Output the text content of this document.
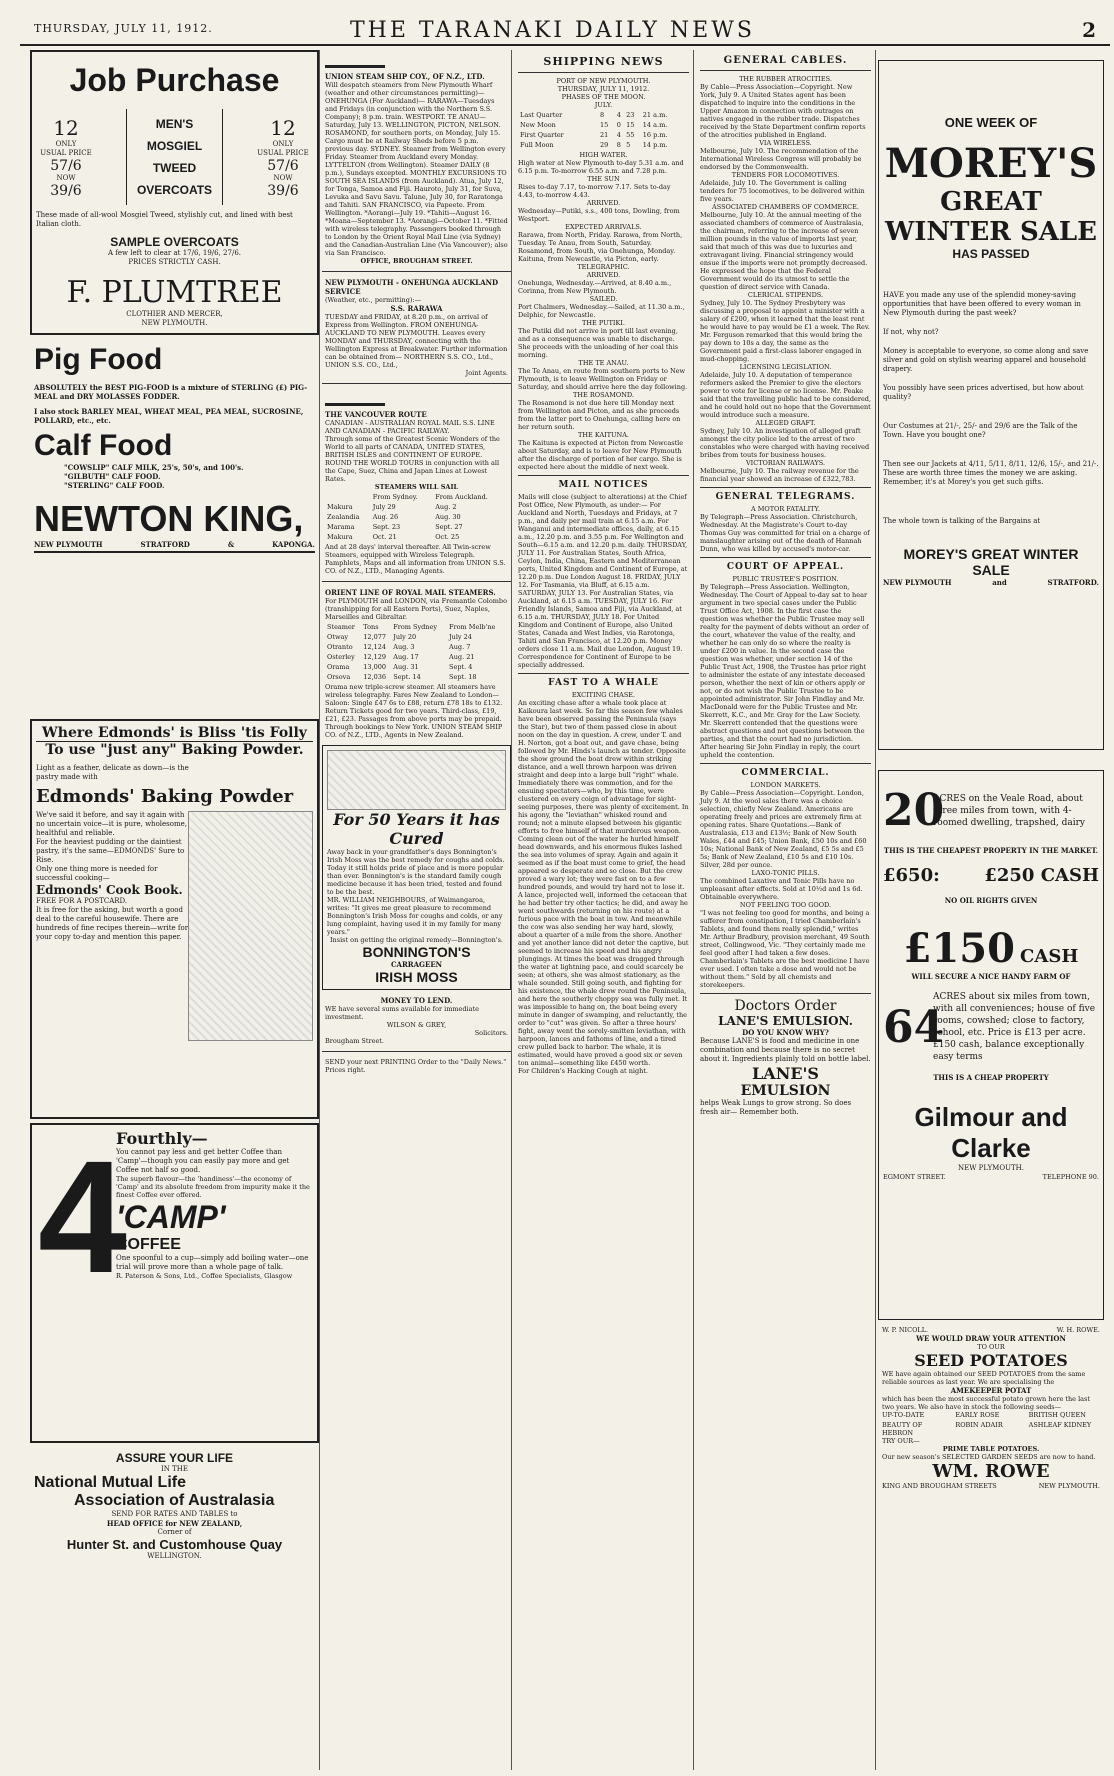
THURSDAY, JULY 11, 1912.	THE TARANAKI DAILY NEWS	2
Job Purchase
12
ONLY
USUAL PRICE
57/6
NOW
39/6
MEN'S
MOSGIEL
TWEED
OVERCOATS
12
ONLY
USUAL PRICE
57/6
NOW
39/6
These made of all-wool Mosgiel Tweed, stylishly cut, and lined with best Italian cloth.
SAMPLE OVERCOATS
A few left to clear at 17/6, 19/6, 27/6.
PRICES STRICTLY CASH.
F. PLUMTREE
CLOTHIER AND MERCER,
NEW PLYMOUTH.
Pig Food
ABSOLUTELY the BEST PIG-FOOD is a mixture of STERLING (£) PIG-MEAL and DRY MOLASSES FODDER.
I also stock BARLEY MEAL, WHEAT MEAL, PEA MEAL, SUCROSINE, POLLARD, etc., etc.
Calf Food
"COWSLIP" CALF MILK, 25's, 50's, and 100's.
"GILBUTH" CALF FOOD.
"STERLING" CALF FOOD.
NEWTON KING,
NEW PLYMOUTH	STRATFORD	&	KAPONGA.
Where Edmonds' is Bliss 'tis Folly
To use "just any" Baking Powder.
Light as a feather, delicate as down—is the pastry made with
Edmonds' Baking Powder
We've said it before, and say it again with no uncertain voice—it is pure, wholesome, healthful and reliable.
For the heaviest pudding or the daintiest pastry, it's the same—EDMONDS' Sure to Rise.
Only one thing more is needed for successful cooking—
Edmonds' Cook Book.
FREE FOR A POSTCARD.
It is free for the asking, but worth a good deal to the careful housewife. There are hundreds of fine recipes therein—write for your copy to-day and mention this paper.
4
Fourthly—
You cannot pay less and get better Coffee than 'Camp'—though you can easily pay more and get Coffee not half so good.
The superb flavour—the 'handiness'—the economy of 'Camp' and its absolute freedom from impurity make it the finest Coffee ever offered.
'CAMP'
COFFEE
One spoonful to a cup—simply add boiling water—one trial will prove more than a whole page of talk.
R. Paterson & Sons, Ltd., Coffee Specialists, Glasgow
ASSURE YOUR LIFE
IN THE
National Mutual Life
Association of Australasia
SEND FOR RATES AND TABLES to
HEAD OFFICE for NEW ZEALAND,
Corner of
Hunter St. and Customhouse Quay
WELLINGTON.
UNION STEAM SHIP COY., OF N.Z., LTD.
Will despatch steamers from New Plymouth Wharf (weather and other circumstances permitting)— ONEHUNGA (For Auckland)— RARAWA—Tuesdays and Fridays (in conjunction with the Northern S.S. Company); 8 p.m. train. WESTPORT. TE ANAU—Saturday, July 13. WELLINGTON, PICTON, NELSON. ROSAMOND, for southern ports, on Monday, July 15. Cargo must be at Railway Sheds before 5 p.m. previous day. SYDNEY. Steamer from Wellington every Friday. Steamer from Auckland every Monday. LYTTELTON (from Wellington). Steamer DAILY (8 p.m.), Sundays excepted. MONTHLY EXCURSIONS TO SOUTH SEA ISLANDS (from Auckland). Atua, July 12, for Tonga, Samoa and Fiji. Hauroto, July 31, for Suva, Levuka and Savu Savu. Talune, July 30, for Raratonga and Tahiti. SAN FRANCISCO, via Papeete. From Wellington. *Aorangi—July 19. *Tahiti—August 16. *Moana—September 13. *Aorangi—October 11. *Fitted with wireless telegraphy. Passengers booked through to London by the Orient Royal Mail Line (via Sydney) and the Canadian-Australian Line (Via Vancouver); also via San Francisco.
OFFICE, BROUGHAM STREET.
NEW PLYMOUTH - ONEHUNGA AUCKLAND SERVICE
(Weather, etc., permitting):—
S.S. RARAWA
TUESDAY and FRIDAY, at 8.20 p.m., on arrival of Express from Wellington. FROM ONEHUNGA-AUCKLAND TO NEW PLYMOUTH. Leaves every MONDAY and THURSDAY, connecting with the Wellington Express at Breakwater. Further information can be obtained from— NORTHERN S.S. CO., Ltd., UNION S.S. CO., Ltd.,
Joint Agents.
THE VANCOUVER ROUTE
CANADIAN - AUSTRALIAN ROYAL MAIL S.S. LINE AND CANADIAN - PACIFIC RAILWAY.
Through some of the Greatest Scenic Wonders of the World to all parts of CANADA, UNITED STATES, BRITISH ISLES and CONTINENT OF EUROPE. ROUND THE WORLD TOURS in conjunction with all the Cape, Suez, China and Japan Lines at Lowest Rates.
STEAMERS WILL SAIL
	From Sydney.	From Auckland.
Makura	July 29	Aug. 2
Zealandia	Aug. 26	Aug. 30
Marama	Sept. 23	Sept. 27
Makura	Oct. 21	Oct. 25
And at 28 days' interval thereafter. All Twin-screw Steamers, equipped with Wireless Telegraph. Pamphlets, Maps and all information from UNION S.S. CO. of N.Z., LTD., Managing Agents.
ORIENT LINE OF ROYAL MAIL STEAMERS.
For PLYMOUTH and LONDON, via Fremantle Colombo (transhipping for all Eastern Ports), Suez, Naples, Marseilles and Gibraltar.
Steamer	Tons	From Sydney	From Melb'ne
Otway	12,077	July 20	July 24
Otranto	12,124	Aug. 3	Aug. 7
Osterley	12,129	Aug. 17	Aug. 21
Orama	13,000	Aug. 31	Sept. 4
Orsova	12,036	Sept. 14	Sept. 18
Orama new triple-screw steamer. All steamers have wireless telegraphy. Fares New Zealand to London—Saloon: Single £47 6s to £88, return £78 18s to £132. Return Tickets good for two years. Third-class, £19, £21, £23. Passages from above ports may be prepaid. Through bookings to New York. UNION STEAM SHIP CO. of N.Z., LTD., Agents in New Zealand.
For 50 Years it has Cured
Away back in your grandfather's days Bonnington's Irish Moss was the best remedy for coughs and colds. Today it still holds pride of place and is more popular than ever. Bonnington's is the standard family cough medicine because it has been tried, tested and found to be the best.
MR. WILLIAM NEIGHBOURS, of Waimangaroa, writes: "It gives me great pleasure to recommend Bonnington's Irish Moss for coughs and colds, or any lung complaint, having used it in my family for many years."
Insist on getting the original remedy—Bonnington's.
BONNINGTON'S
CARRAGEEN
IRISH MOSS
MONEY TO LEND.
WE have several sums available for immediate investment.
WILSON & GREY,
Solicitors.
Brougham Street.
SEND your next PRINTING Order to the "Daily News." Prices right.
SHIPPING NEWS
PORT OF NEW PLYMOUTH.
THURSDAY, JULY 11, 1912.
PHASES OF THE MOON.
JULY.
Last Quarter	8	4	23	21 a.m.
New Moon	15	0	15	14 a.m.
First Quarter	21	4	55	16 p.m.
Full Moon	29	8	5	14 p.m.
HIGH WATER.
High water at New Plymouth to-day 5.31 a.m. and 6.15 p.m. To-morrow 6.55 a.m. and 7.28 p.m.
THE SUN
Rises to-day 7.17, to-morrow 7.17. Sets to-day 4.43, to-morrow 4.43.
ARRIVED.
Wednesday—Putiki, s.s., 400 tons, Dowling, from Westport.
EXPECTED ARRIVALS.
Rarawa, from North, Friday. Rarawa, from North, Tuesday. Te Anau, from South, Saturday. Rosamond, from South, via Onehunga, Monday. Kaituna, from Newcastle, via Picton, early.
TELEGRAPHIC.
ARRIVED.
Onehunga, Wednesday.—Arrived, at 8.40 a.m., Corinna, from New Plymouth.
SAILED.
Port Chalmers, Wednesday.—Sailed, at 11.30 a.m., Delphic, for Newcastle.
THE PUTIKI.
The Putiki did not arrive in port till last evening, and as a consequence was unable to discharge. She proceeds with the unloading of her coal this morning.
THE TE ANAU.
The Te Anau, en route from southern ports to New Plymouth, is to leave Wellington on Friday or Saturday, and should arrive here the day following.
THE ROSAMOND.
The Rosamond is not due here till Monday next from Wellington and Picton, and as she proceeds from the latter port to Onehunga, calling here on her return south.
THE KAITUNA.
The Kaituna is expected at Picton from Newcastle about Saturday, and is to leave for New Plymouth after the discharge of portion of her cargo. She is expected here about the middle of next week.
MAIL NOTICES
Mails will close (subject to alterations) at the Chief Post Office, New Plymouth, as under:— For Auckland and North, Tuesdays and Fridays, at 7 p.m., and daily per mail train at 6.15 a.m. For Wanganui and intermediate offices, daily, at 6.15 a.m., 12.20 p.m. and 3.55 p.m. For Wellington and South—6.15 a.m. and 12.20 p.m. daily. THURSDAY, JULY 11. For Australian States, South Africa, Ceylon, India, China, Eastern and Mediterranean ports, United Kingdom and Continent of Europe, at 12.20 p.m. Due London August 18. FRIDAY, JULY 12. For Tasmania, via Bluff, at 6.15 a.m. SATURDAY, JULY 13. For Australian States, via Auckland, at 6.15 a.m. TUESDAY, JULY 16. For Friendly Islands, Samoa and Fiji, via Auckland, at 6.15 a.m. THURSDAY, JULY 18. For United Kingdom and Continent of Europe, also United States, Canada and West Indies, via Rarotonga, Tahiti and San Francisco, at 12.20 p.m. Money orders close 11 a.m. Mail due London, August 19. Correspondence for Continent of Europe to be specially addressed.
FAST TO A WHALE
EXCITING CHASE.
An exciting chase after a whale took place at Kaikoura last week. So far this season few whales have been observed passing the Peninsula (says the Star), but two of them passed close in about noon on the day in question. A crew, under T. and H. Norton, got a boat out, and gave chase, being followed by Mr. Hinds's launch as tender. Opposite the show ground the boat drew within striking distance, and a well thrown harpoon was driven straight and deep into a large bull "right" whale. Immediately there was commotion, and for the ensuing spectators—who, by this time, were clustered on every coign of advantage for sight-seeing purposes, there was plenty of excitement. In his agony, the "leviathan" whisked round and round; not a minute elapsed between his gigantic efforts to free himself of that murderous weapon. Coming clean out of the water he hurled himself head downwards, and his enormous flukes lashed the sea into volumes of spray. Again and again it seemed as if the boat must come to grief, the head appeared so desperate and so close. But the crew proved a wary lot; they were fast on to a few hundred pounds, and would try hard not to lose it. A lance, projected well, informed the cetacean that he had better try other tactics; he did, and away he went southwards (returning on his route) at a furious pace with the boat in tow. And meanwhile the cow was also sending her way hard, slowly, about a quarter of a mile from the shore. Another and yet another lance did not deter the captive, but seemed to increase his speed and his angry plungings. At times the boat was dragged through the water at lightning pace, and could scarcely be seen; at others, she was almost stationary, as the whale sounded. Still going south, and fighting for his existence, the whale drew round the Peninsula, and here the southerly choppy sea was fully met. It was impossible to hang on, the boat being every minute in danger of swamping, and reluctantly, the order to "cut" was given. So after a three hours' fight, away went the sorely-smitten leviathan, with harpoon, lances and fathoms of line, and a tired crew pulled back to harbor. The whale, it is estimated, would have proved a good six or seven ton animal—something like £450 worth.
For Children's Hacking Cough at night.
GENERAL CABLES.
THE RUBBER ATROCITIES.
By Cable—Press Association—Copyright. New York, July 9. A United States agent has been dispatched to inquire into the conditions in the Upper Amazon in connection with outrages on natives engaged in the rubber trade. Dispatches received by the State Department confirm reports of the atrocities published in England.
VIA WIRELESS.
Melbourne, July 10. The recommendation of the International Wireless Congress will probably be endorsed by the Commonwealth.
TENDERS FOR LOCOMOTIVES.
Adelaide, July 10. The Government is calling tenders for 75 locomotives, to be delivered within five years.
ASSOCIATED CHAMBERS OF COMMERCE.
Melbourne, July 10. At the annual meeting of the associated chambers of commerce of Australasia, the chairman, referring to the increase of seven million pounds in the value of imports last year, said that much of this was due to luxuries and extravagant living. Financial stringency would ensue if the imports were not promptly decreased. He expressed the hope that the Federal Government would do its utmost to settle the question of direct service with Canada.
CLERICAL STIPENDS.
Sydney, July 10. The Sydney Presbytery was discussing a proposal to appoint a minister with a salary of £200, when it learned that the least rent he would have to pay would be £1 a week. The Rev. Mr. Ferguson remarked that this would bring the pay down to 10s a day, the same as the Government paid a first-class laborer engaged in mud-chopping.
LICENSING LEGISLATION.
Adelaide, July 10. A deputation of temperance reformers asked the Premier to give the electors power to vote for license or no license. Mr. Peake said that the travelling public had to be considered, and he could hold out no hope that the Government would introduce such a measure.
ALLEGED GRAFT.
Sydney, July 10. An investigation of alleged graft amongst the city police led to the arrest of two constables who were charged with having received bribes from touts for business houses.
VICTORIAN RAILWAYS.
Melbourne, July 10. The railway revenue for the financial year showed an increase of £322,783.
GENERAL TELEGRAMS.
A MOTOR FATALITY.
By Telegraph—Press Association. Christchurch, Wednesday. At the Magistrate's Court to-day Thomas Guy was committed for trial on a charge of manslaughter arising out of the death of Hannah Dunn, who was killed by accused's motor-car.
COURT OF APPEAL.
PUBLIC TRUSTEE'S POSITION.
By Telegraph—Press Association. Wellington, Wednesday. The Court of Appeal to-day sat to hear argument in two special cases under the Public Trust Office Act, 1908. In the first case the question was whether the Public Trustee may sell realty for the payment of debts without an order of the court, whatever the value of the realty, and whether he can only do so where the realty is under £200 in value. In the second case the question was whether, under section 14 of the Public Trust Act, 1908, the Trustee has prior right to administer the estate of any intestate deceased person, whether the next of kin or others apply or not, or do not wish the Public Trustee to be appointed administrator. Sir John Findlay and Mr. MacDonald were for the Public Trustee and Mr. Skerrett, K.C., and Mr. Gray for the Law Society. Mr. Skerrett contended that the questions were abstract questions and not questions between the parties, and that the court had no jurisdiction. After hearing Sir John Findlay in reply, the court upheld the contention.
COMMERCIAL.
LONDON MARKETS.
By Cable—Press Association—Copyright. London, July 9. At the wool sales there was a choice selection, chiefly New Zealand. Americans are operating freely and prices are extremely firm at opening rates. Share Quotations.—Bank of Australasia, £13 and £13½; Bank of New South Wales, £44 and £45; Union Bank, £50 10s and £60 10s; National Bank of New Zealand, £5 5s and £5 5s; Bank of New Zealand, £10 5s and £10 10s. Silver, 28d per ounce.
LAXO-TONIC PILLS.
The combined Laxative and Tonic Pills have no unpleasant after effects. Sold at 10½d and 1s 6d. Obtainable everywhere.
NOT FEELING TOO GOOD.
"I was not feeling too good for months, and being a sufferer from constipation, I tried Chamberlain's Tablets, and found them really splendid," writes Mr. Arthur Bradbury, provision merchant, 49 South street, Collingwood, Vic. "They certainly made me feel good after I had taken a few doses. Chamberlain's Tablets are the best medicine I have ever used. I often take a dose and would not be without them." Sold by all chemists and storekeepers.
Doctors Order
LANE'S EMULSION.
DO YOU KNOW WHY?
Because LANE'S is food and medicine in one combination and because there is no secret about it. Ingredients plainly told on bottle label.
LANE'S
EMULSION
helps Weak Lungs to grow strong. So does fresh air— Remember both.
ONE WEEK OF
MOREY'S
GREAT WINTER SALE
HAS PASSED
HAVE you made any use of the splendid money-saving opportunities that have been offered to every woman in New Plymouth during the past week?
If not, why not?
Money is acceptable to everyone, so come along and save silver and gold on stylish wearing apparel and household drapery.
You possibly have seen prices advertised, but how about quality?
Our Costumes at 21/-, 25/- and 29/6 are the Talk of the Town. Have you bought one?
Then see our Jackets at 4/11, 5/11, 8/11, 12/6, 15/-, and 21/-. These are worth three times the money we are asking. Remember, it's at Morey's you get such gifts.
The whole town is talking of the Bargains at
MOREY'S GREAT WINTER SALE
NEW PLYMOUTH	and	STRATFORD.
20
ACRES on the Veale Road, about three miles from town, with 4-roomed dwelling, trapshed, dairy
THIS IS THE CHEAPEST PROPERTY IN THE MARKET.
£650: £250 CASH
NO OIL RIGHTS GIVEN
£150 CASH
WILL SECURE A NICE HANDY FARM OF
64
ACRES about six miles from town, with all conveniences; house of five rooms, cowshed; close to factory, school, etc. Price is £13 per acre. £150 cash, balance exceptionally easy terms
THIS IS A CHEAP PROPERTY
Gilmour and Clarke
NEW PLYMOUTH.
EGMONT STREET.	TELEPHONE 90.
W. P. NICOLL.	W. H. ROWE.
WE WOULD DRAW YOUR ATTENTION
TO OUR
SEED POTATOES
WE have again obtained our SEED POTATOES from the same reliable sources as last year. We are specialising the
AMEKEEPER POTAT
which has been the most successful potato grown here the last two years. We also have in stock the following seeds—
UP-TO-DATE	EARLY ROSE	BRITISH QUEEN
BEAUTY OF HEBRON
ROBIN ADAIR	ASHLEAF KIDNEY
TRY OUR—
PRIME TABLE POTATOES.
Our new season's SELECTED GARDEN SEEDS are now to hand.
WM. ROWE
KING AND BROUGHAM STREETS	NEW PLYMOUTH.
